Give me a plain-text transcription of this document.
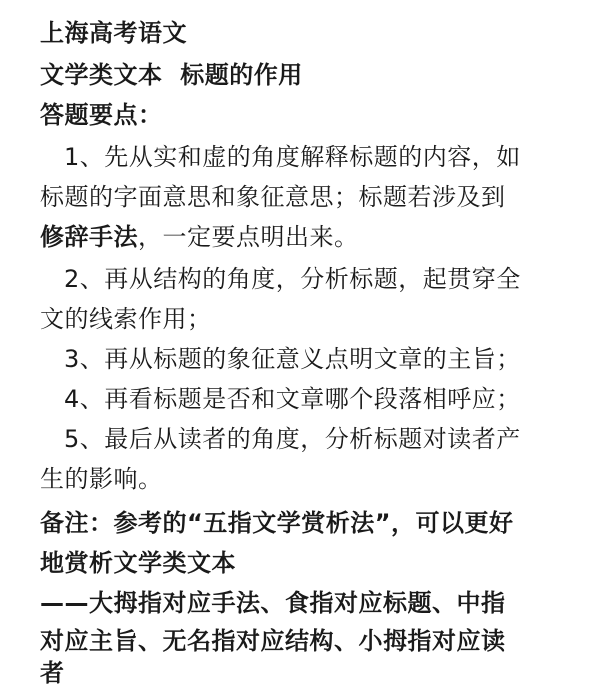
上海高考语文
文学类文本  标题的作用
答题要点：
1、先从实和虚的角度解释标题的内容，如
标题的字面意思和象征意思；标题若涉及到
修辞手法，一定要点明出来。
2、再从结构的角度，分析标题，起贯穿全
文的线索作用；
3、再从标题的象征意义点明文章的主旨；
4、再看标题是否和文章哪个段落相呼应；
5、最后从读者的角度，分析标题对读者产
生的影响。
备注：参考的“五指文学赏析法”，可以更好
地赏析文学类文本
——大拇指对应手法、食指对应标题、中指
对应主旨、无名指对应结构、小拇指对应读
者
